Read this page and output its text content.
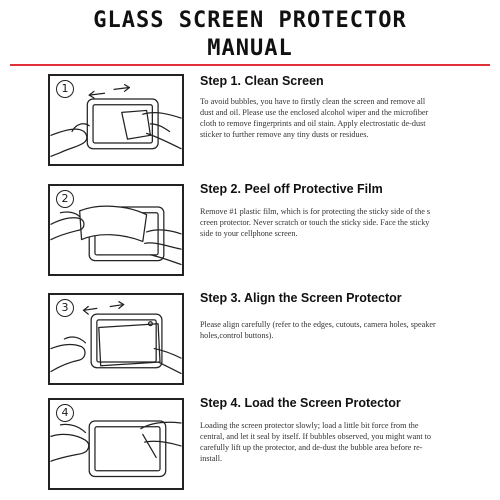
GLASS SCREEN PROTECTOR
MANUAL
1
Step 1. Clean Screen
To avoid bubbles, you have to firstly clean the screen and remove all dust and oil. Please use the enclosed alcohol wiper and the microfiber cloth to remove fingerprints and oil stain. Apply electrostatic de-dust sticker to further remove any tiny dusts or residues.
2
Step 2. Peel off Protective Film
Remove #1 plastic film, which is for protecting the sticky side of the s creen protector. Never scratch or touch the sticky side. Face the sticky side to your cellphone screen.
3
Step 3. Align the Screen Protector
Please align carefully (refer to the edges, cutouts, camera holes, speaker holes,control buttons).
4
Step 4. Load the Screen Protector
Loading the screen protector slowly; load a little bit force from the central, and let it seal by itself. If bubbles observed, you might want to carefully lift up the protector, and de-dust the bubble area before re-install.
